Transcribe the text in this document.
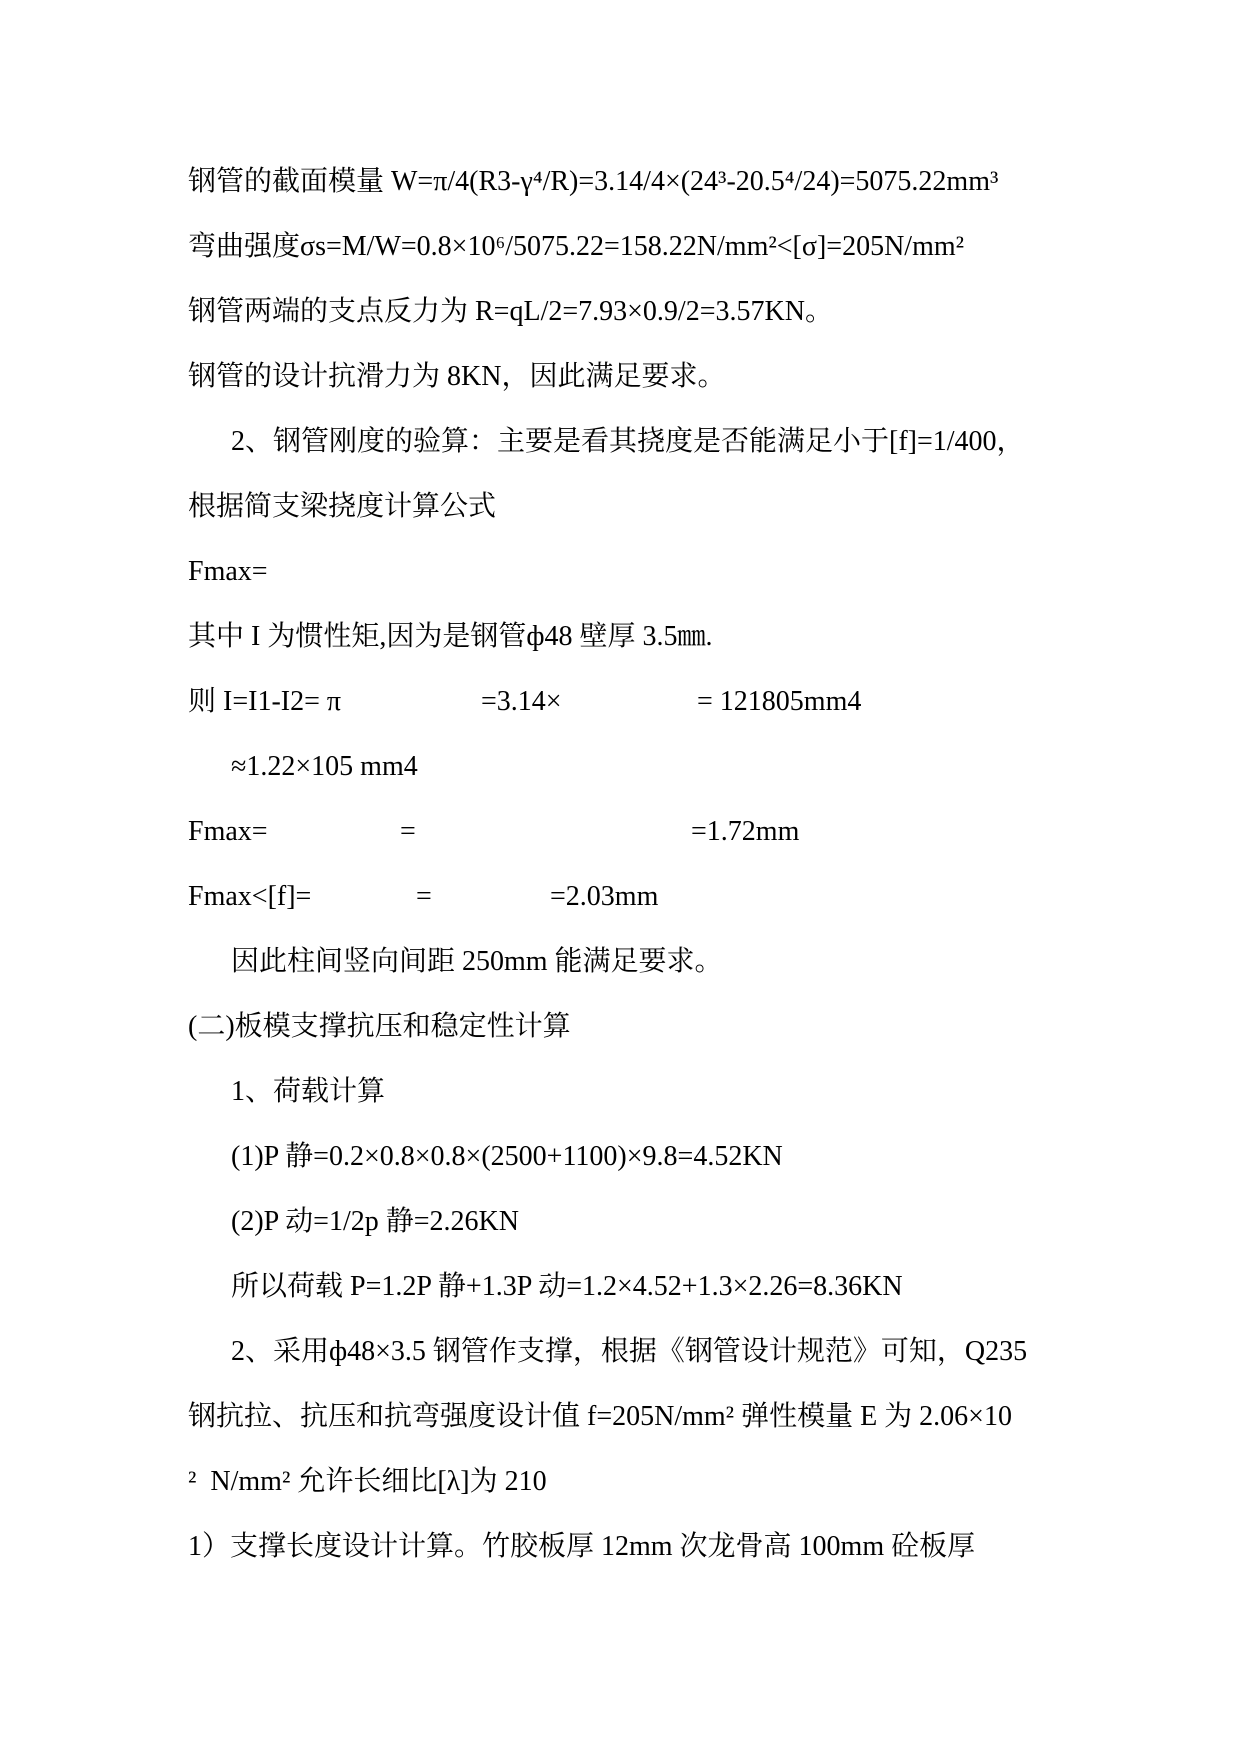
钢管的截面模量 W=π/4(R3-γ⁴/R)=3.14/4×(24³-20.5⁴/24)=5075.22mm³
弯曲强度σs=M/W=0.8×10⁶/5075.22=158.22N/mm²<[σ]=205N/mm²
钢管两端的支点反力为 R=qL/2=7.93×0.9/2=3.57KN。
钢管的设计抗滑力为 8KN，因此满足要求。
2、钢管刚度的验算：主要是看其挠度是否能满足小于[f]=1/400，
根据简支梁挠度计算公式
Fmax=
其中 I 为惯性矩,因为是钢管ф48 壁厚 3.5㎜.

则 I=I1-I2= π

	=3.14×

	= 121805mm4

≈1.22×105 mm4

Fmax=

	=

	=1.72mm

Fmax<[f]=

	=

	=2.03mm

因此柱间竖向间距 250mm 能满足要求。
(二)板模支撑抗压和稳定性计算
1、荷载计算
(1)P 静=0.2×0.8×0.8×(2500+1100)×9.8=4.52KN
(2)P 动=1/2p 静=2.26KN
所以荷载 P=1.2P 静+1.3P 动=1.2×4.52+1.3×2.26=8.36KN
2、采用ф48×3.5 钢管作支撑，根据《钢管设计规范》可知，Q235
钢抗拉、抗压和抗弯强度设计值 f=205N/mm² 弹性模量 E 为 2.06×10
²  N/mm² 允许长细比[λ]为 210
1）支撑长度设计计算。竹胶板厚 12mm 次龙骨高 100mm 砼板厚
